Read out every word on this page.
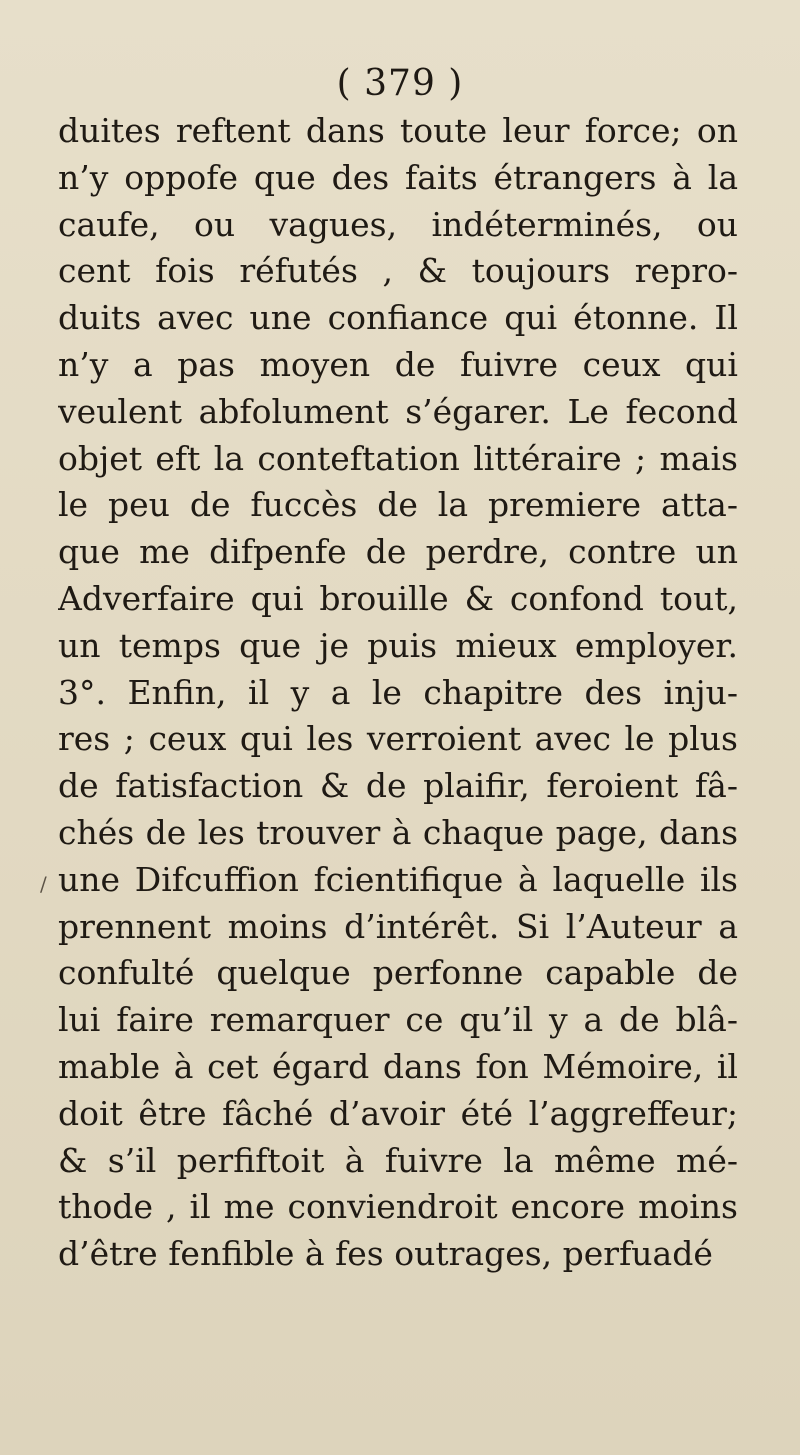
( 379 )
/
duites reftent dans toute leur force; on
n’y oppofe que des faits étrangers à la
caufe, ou vagues, indéterminés, ou
cent fois réfutés , & toujours repro-
duits avec une confiance qui étonne. Il
n’y a pas moyen de fuivre ceux qui
veulent abfolument s’égarer. Le fecond
objet eft la conteftation littéraire ; mais
le peu de fuccès de la premiere atta-
que me difpenfe de perdre, contre un
Adverfaire qui brouille & confond tout,
un temps que je puis mieux employer.
3°. Enfin, il y a le chapitre des inju-
res ; ceux qui les verroient avec le plus
de fatisfaction & de plaifir, feroient fâ-
chés de les trouver à chaque page, dans
une Difcuffion fcientifique à laquelle ils
prennent moins d’intérêt. Si l’Auteur a
confulté quelque perfonne capable de
lui faire remarquer ce qu’il y a de blâ-
mable à cet égard dans fon Mémoire, il
doit être fâché d’avoir été l’aggreffeur;
& s’il perfiftoit à fuivre la même mé-
thode , il me conviendroit encore moins
d’être fenfible à fes outrages, perfuadé
